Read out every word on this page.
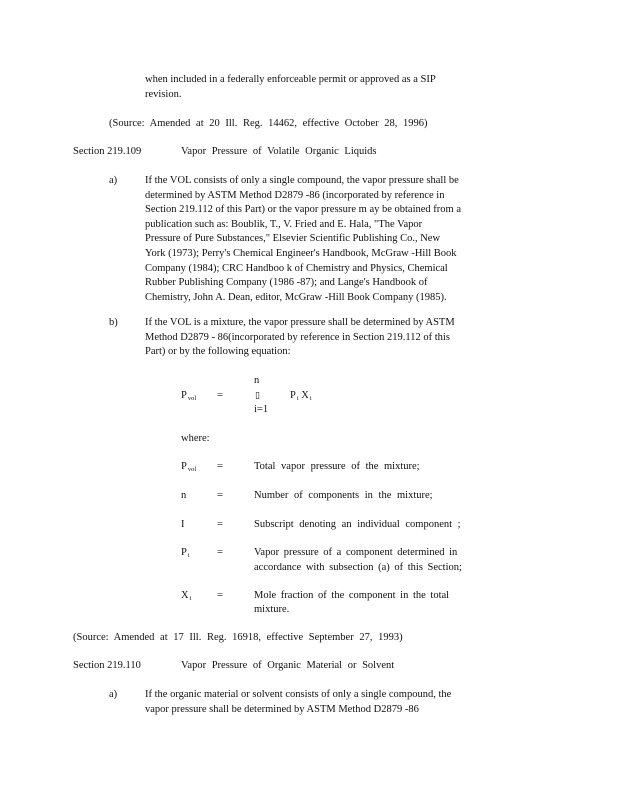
when included in a federally enforceable permit or approved as a SIP
revision.
(Source: Amended at 20 Ill. Reg. 14462, effective October 28, 1996)
Section 219.109	Vapor Pressure of Volatile Organic Liquids
a)	If the VOL consists of only a single compound, the vapor pressure shall be
determined by ASTM Method D2879 -86 (incorporated by reference in
Section 219.112 of this Part) or the vapor pressure m ay be obtained from a
publication such as: Boublik, T., V. Fried and E. Hala, "The Vapor
Pressure of Pure Substances," Elsevier Scientific Publishing Co., New
York (1973); Perry's Chemical Engineer's Handbook, McGraw -Hill Book
Company (1984); CRC Handboo k of Chemistry and Physics, Chemical
Rubber Publishing Company (1986 -87); and Lange's Handbook of
Chemistry, John A. Dean, editor, McGraw -Hill Book Company (1985).
b)	If the VOL is a mixture, the vapor pressure shall be determined by ASTM
Method D2879 - 86(incorporated by reference in Section 219.112 of this
Part) or by the following equation:
n
$P_{vol}$ =	▯	$P_i$ $X_i$
i=1
where:
$P_{vol}$ =	Total vapor pressure of the mixture;
n	=	Number of components in the mixture;
I	=	Subscript denoting an individual component ;
$P_i$	=	Vapor pressure of a component determined in
accordance with subsection (a) of this Section;
$X_i$ =	Mole fraction of the component in the total
mixture.
(Source: Amended at 17 Ill. Reg. 16918, effective September 27, 1993)
Section 219.110	Vapor Pressure of Organic Material or Solvent
a)	If the organic material or solvent consists of only a single compound, the
vapor pressure shall be determined by ASTM Method D2879 -86
